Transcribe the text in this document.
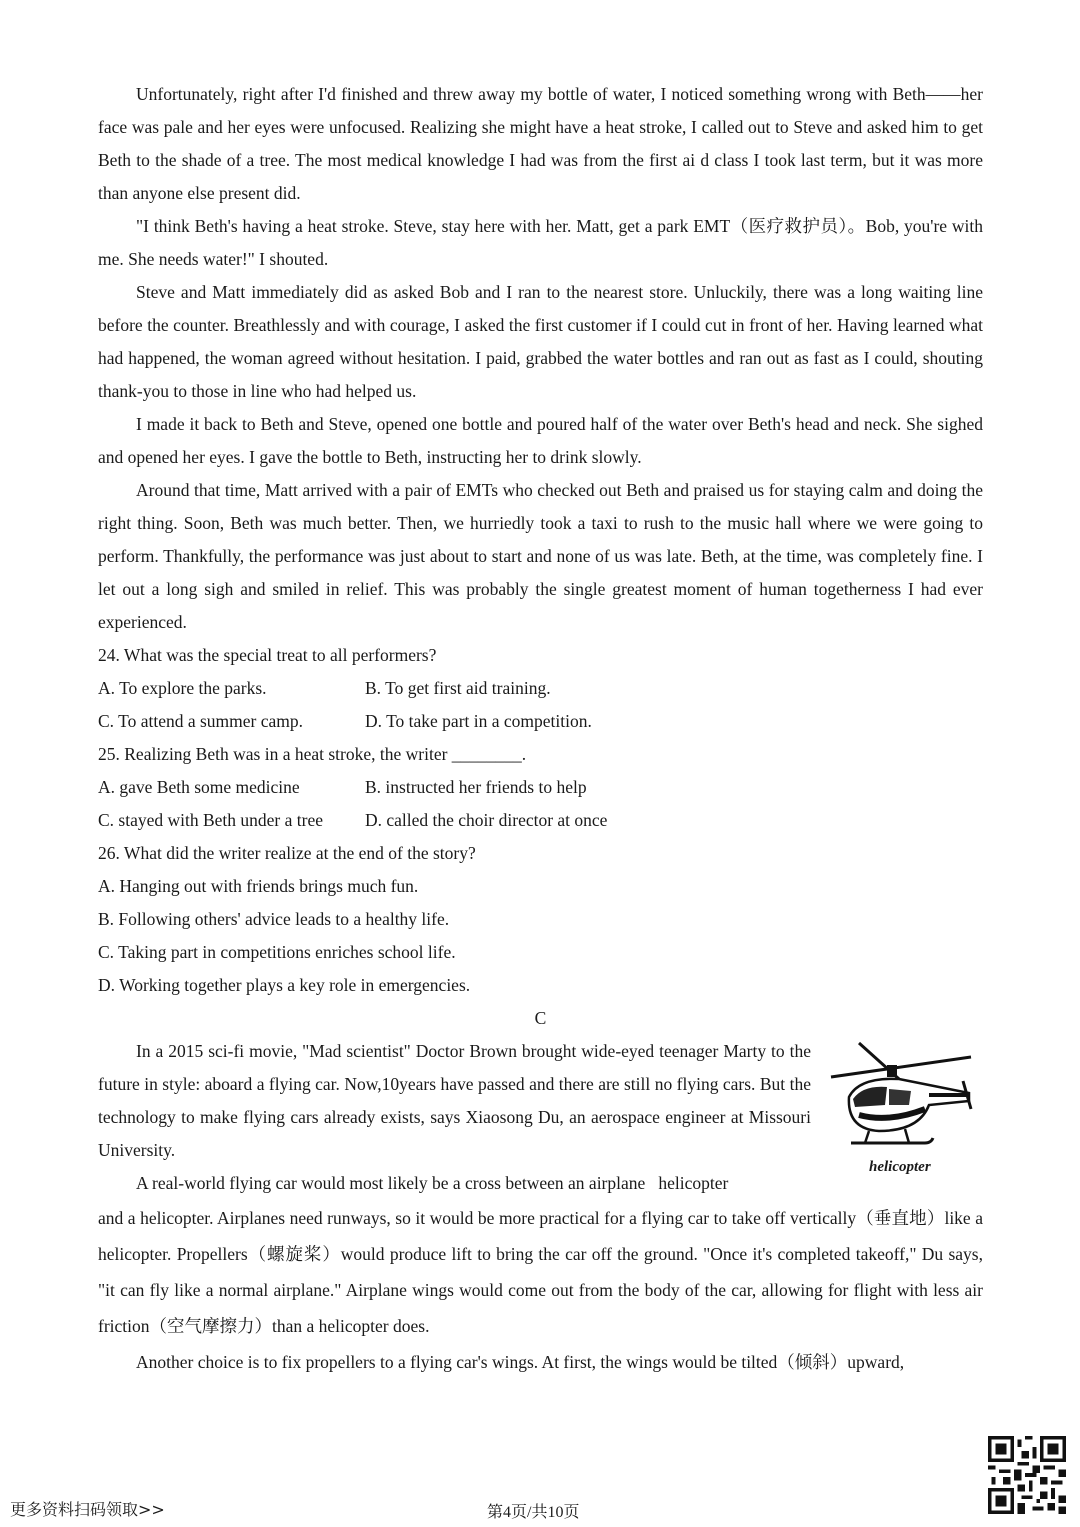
Unfortunately, right after I'd finished and threw away my bottle of water, I noticed something wrong with Beth——her face was pale and her eyes were unfocused. Realizing she might have a heat stroke, I called out to Steve and asked him to get Beth to the shade of a tree. The most medical knowledge I had was from the first ai d class I took last term, but it was more than anyone else present did.

"I think Beth's having a heat stroke. Steve, stay here with her. Matt, get a park EMT（医疗救护员）。Bob, you're with me. She needs water!" I shouted.

Steve and Matt immediately did as asked Bob and I ran to the nearest store. Unluckily, there was a long waiting line before the counter. Breathlessly and with courage, I asked the first customer if I could cut in front of her. Having learned what had happened, the woman agreed without hesitation. I paid, grabbed the water bottles and ran out as fast as I could, shouting thank-you to those in line who had helped us.

I made it back to Beth and Steve, opened one bottle and poured half of the water over Beth's head and neck. She sighed and opened her eyes. I gave the bottle to Beth, instructing her to drink slowly.

Around that time, Matt arrived with a pair of EMTs who checked out Beth and praised us for staying calm and doing the right thing. Soon, Beth was much better. Then, we hurriedly took a taxi to rush to the music hall where we were going to perform. Thankfully, the performance was just about to start and none of us was late. Beth, at the time, was completely fine. I let out a long sigh and smiled in relief. This was probably the single greatest moment of human togetherness I had ever experienced.

24. What was the special treat to all performers?

A. To explore the parks.	B. To get first aid training.
C. To attend a summer camp.	D. To take part in a competition.

25. Realizing Beth was in a heat stroke, the writer ________.

A. gave Beth some medicine	B. instructed her friends to help
C. stayed with Beth under a tree	D. called the choir director at once

26. What did the writer realize at the end of the story?

A. Hanging out with friends brings much fun.

B. Following others' advice leads to a healthy life.

C. Taking part in competitions enriches school life.

D. Working together plays a key role in emergencies.

C

In a 2015 sci-fi movie, "Mad scientist" Doctor Brown brought wide-eyed teenager Marty to the future in style: aboard a flying car. Now,10years have passed and there are still no flying cars. But the technology to make flying cars already exists, says Xiaosong Du, an aerospace engineer at Missouri University.

A real-world flying car would most likely be a cross between an airplane helicopter

helicopter

and a helicopter. Airplanes need runways, so it would be more practical for a flying car to take off vertically（垂直地）like a helicopter. Propellers（螺旋桨）would produce lift to bring the car off the ground. "Once it's completed takeoff," Du says, "it can fly like a normal airplane." Airplane wings would come out from the body of the car, allowing for flight with less air friction（空气摩擦力）than a helicopter does.

Another choice is to fix propellers to a flying car's wings. At first, the wings would be tilted（倾斜）upward,

更多资料扫码领取>>	第4页/共10页
